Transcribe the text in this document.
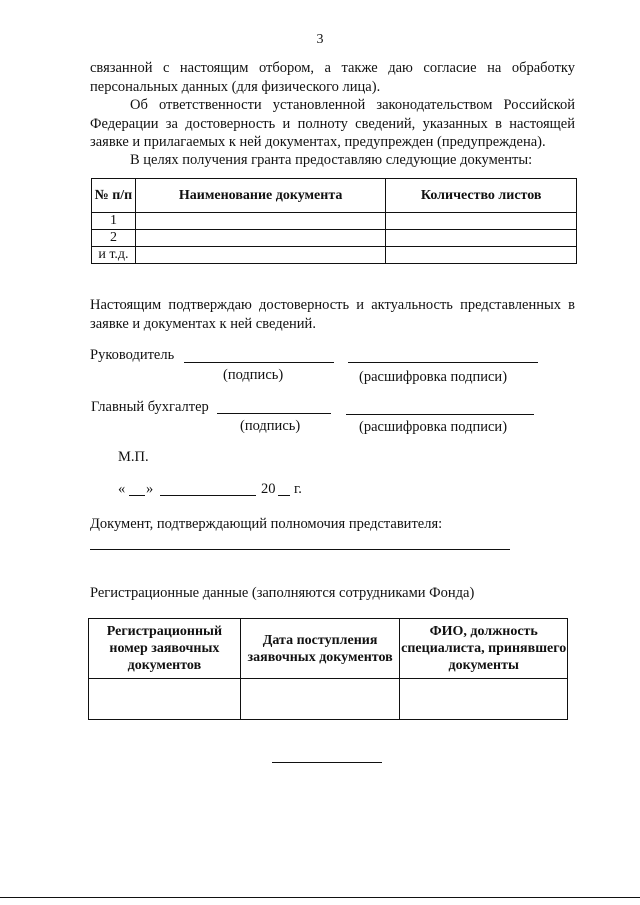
3
связанной с настоящим отбором, а также даю согласие на обработку персональных данных (для физического лица).
Об ответственности установленной законодательством Российской Федерации за достоверность и полноту сведений, указанных в настоящей заявке и прилагаемых к ней документах, предупрежден (предупреждена).
В целях получения гранта предоставляю следующие документы:
№ п/п	Наименование документа	Количество листов
1		
2		
и т.д.		
Настоящим подтверждаю достоверность и актуальность представленных в заявке и документах к ней сведений.
Руководитель
(подпись)	(расшифровка подписи)
Главный бухгалтер
(подпись)	(расшифровка подписи)
М.П.
« »	20 г.
Документ, подтверждающий полномочия представителя:
Регистрационные данные (заполняются сотрудниками Фонда)
Регистрационный номер заявочных документов	Дата поступления заявочных документов	ФИО, должность специалиста, принявшего документы
